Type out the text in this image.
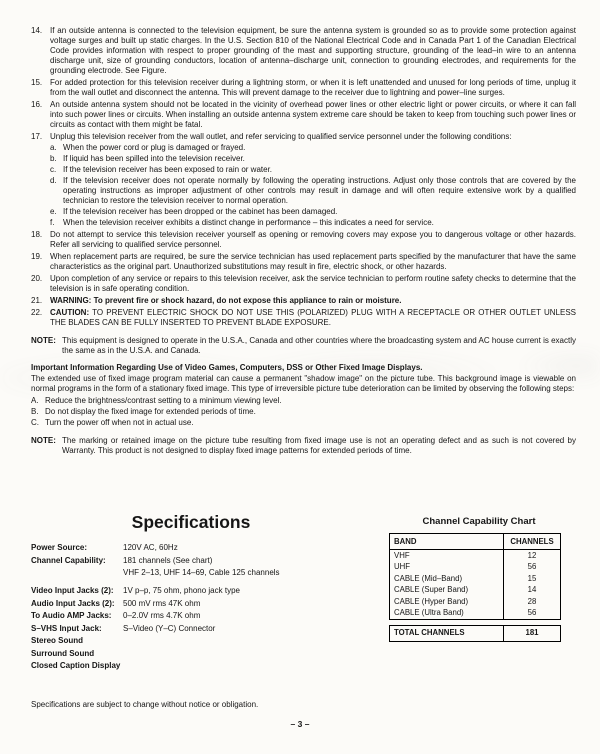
14. If an outside antenna is connected to the television equipment, be sure the antenna system is grounded so as to provide some protection against voltage surges and built up static charges. In the U.S. Section 810 of the National Electrical Code and in Canada Part 1 of the Canadian Electrical Code provides information with respect to proper grounding of the mast and supporting structure, grounding of the lead–in wire to an antenna discharge unit, size of grounding conductors, location of antenna–discharge unit, connection to grounding electrodes, and requirements for the grounding electrode. See Figure.
15. For added protection for this television receiver during a lightning storm, or when it is left unattended and unused for long periods of time, unplug it from the wall outlet and disconnect the antenna. This will prevent damage to the receiver due to lightning and power–line surges.
16. An outside antenna system should not be located in the vicinity of overhead power lines or other electric light or power circuits, or where it can fall into such power lines or circuits. When installing an outside antenna system extreme care should be taken to keep from touching such power lines or circuits as contact with them might be fatal.
17. Unplug this television receiver from the wall outlet, and refer servicing to qualified service personnel under the following conditions:
a. When the power cord or plug is damaged or frayed.
b. If liquid has been spilled into the television receiver.
c. If the television receiver has been exposed to rain or water.
d. If the television receiver does not operate normally by following the operating instructions. Adjust only those controls that are covered by the operating instructions as improper adjustment of other controls may result in damage and will often require extensive work by a qualified technician to restore the television receiver to normal operation.
e. If the television receiver has been dropped or the cabinet has been damaged.
f.	When the television receiver exhibits a distinct change in performance – this indicates a need for service.
18. Do not attempt to service this television receiver yourself as opening or removing covers may expose you to dangerous voltage or other hazards. Refer all servicing to qualified service personnel.
19. When replacement parts are required, be sure the service technician has used replacement parts specified by the manufacturer that have the same characteristics as the original part. Unauthorized substitutions may result in fire, electric shock, or other hazards.
20. Upon completion of any service or repairs to this television receiver, ask the service technician to perform routine safety checks to determine that the television is in safe operating condition.
21. WARNING: To prevent fire or shock hazard, do not expose this appliance to rain or moisture.
22. CAUTION: TO PREVENT ELECTRIC SHOCK DO NOT USE THIS (POLARIZED) PLUG WITH A RECEPTACLE OR OTHER OUTLET UNLESS THE BLADES CAN BE FULLY INSERTED TO PREVENT BLADE EXPOSURE.
NOTE: This equipment is designed to operate in the U.S.A., Canada and other countries where the broadcasting system and AC house current is exactly the same as in the U.S.A. and Canada.
Important Information Regarding Use of Video Games, Computers, DSS or Other Fixed Image Displays.
The extended use of fixed image program material can cause a permanent "shadow image" on the picture tube. This background image is viewable on normal programs in the form of a stationary fixed image. This type of irreversible picture tube deterioration can be limited by observing the following steps:
A. Reduce the brightness/contrast setting to a minimum viewing level.
B. Do not display the fixed image for extended periods of time.
C. Turn the power off when not in actual use.
NOTE: The marking or retained image on the picture tube resulting from fixed image use is not an operating defect and as such is not covered by Warranty. This product is not designed to display fixed image patterns for extended periods of time.
Specifications
Power Source:	120V AC, 60Hz
Channel Capability:	181 channels (See chart)
VHF 2–13, UHF 14–69, Cable 125 channels
Video Input Jacks (2):	1V p–p, 75 ohm, phono jack type
Audio Input Jacks (2):	500 mV rms 47K ohm
To Audio AMP Jacks:	0–2.0V rms 4.7K ohm
S–VHS Input Jack:	S–Video (Y–C) Connector
Stereo Sound
Surround Sound
Closed Caption Display
Channel Capability Chart
BAND	CHANNELS
VHF	12
UHF	56
CABLE (Mid–Band)	15
CABLE (Super Band)	14
CABLE (Hyper Band)	28
CABLE (Ultra Band)	56
TOTAL CHANNELS	181
Specifications are subject to change without notice or obligation.
– 3 –
